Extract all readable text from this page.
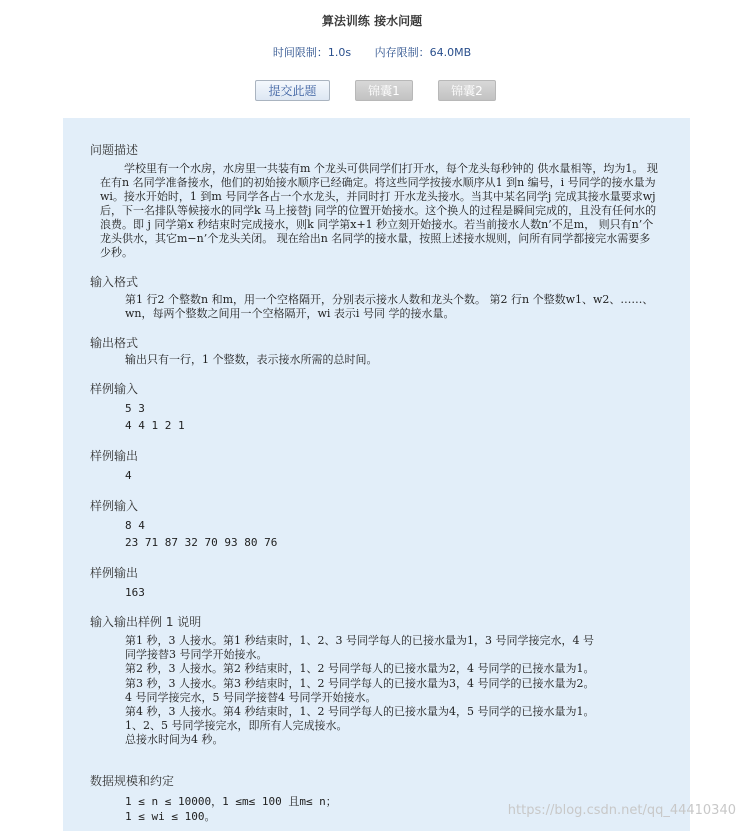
算法训练 接水问题
时间限制：1.0s 内存限制：64.0MB
提交此题	锦囊1	锦囊2
问题描述
学校里有一个水房，水房里一共装有m 个龙头可供同学们打开水，每个龙头每秒钟的 供水量相等，均为1。 现在有n 名同学准备接水，他们的初始接水顺序已经确定。将这些同学按接水顺序从1 到n 编号，i 号同学的接水量为wi。接水开始时，1 到m 号同学各占一个水龙头，并同时打 开水龙头接水。当其中某名同学j 完成其接水量要求wj 后，下一名排队等候接水的同学k 马上接替j 同学的位置开始接水。这个换人的过程是瞬间完成的，且没有任何水的浪费。即 j 同学第x 秒结束时完成接水，则k 同学第x+1 秒立刻开始接水。若当前接水人数n’不足m， 则只有n’个龙头供水，其它m−n’个龙头关闭。 现在给出n 名同学的接水量，按照上述接水规则，问所有同学都接完水需要多少秒。
输入格式
第1 行2 个整数n 和m，用一个空格隔开，分别表示接水人数和龙头个数。 第2 行n 个整数w1、w2、……、wn，每两个整数之间用一个空格隔开，wi 表示i 号同 学的接水量。
输出格式
输出只有一行，1 个整数，表示接水所需的总时间。
样例输入
5 3
4 4 1 2 1
样例输出
4
样例输入
8 4
23 71 87 32 70 93 80 76
样例输出
163
输入输出样例 1 说明
第1 秒，3 人接水。第1 秒结束时，1、2、3 号同学每人的已接水量为1，3 号同学接完水，4 号同学接替3 号同学开始接水。
第2 秒，3 人接水。第2 秒结束时，1、2 号同学每人的已接水量为2，4 号同学的已接水量为1。
第3 秒，3 人接水。第3 秒结束时，1、2 号同学每人的已接水量为3，4 号同学的已接水量为2。4 号同学接完水，5 号同学接替4 号同学开始接水。
第4 秒，3 人接水。第4 秒结束时，1、2 号同学每人的已接水量为4，5 号同学的已接水量为1。1、2、5 号同学接完水，即所有人完成接水。
总接水时间为4 秒。
数据规模和约定
1 ≤ n ≤ 10000，1 ≤m≤ 100 且m≤ n；
1 ≤ wi ≤ 100。	https://blog.csdn.net/qq_44410340
